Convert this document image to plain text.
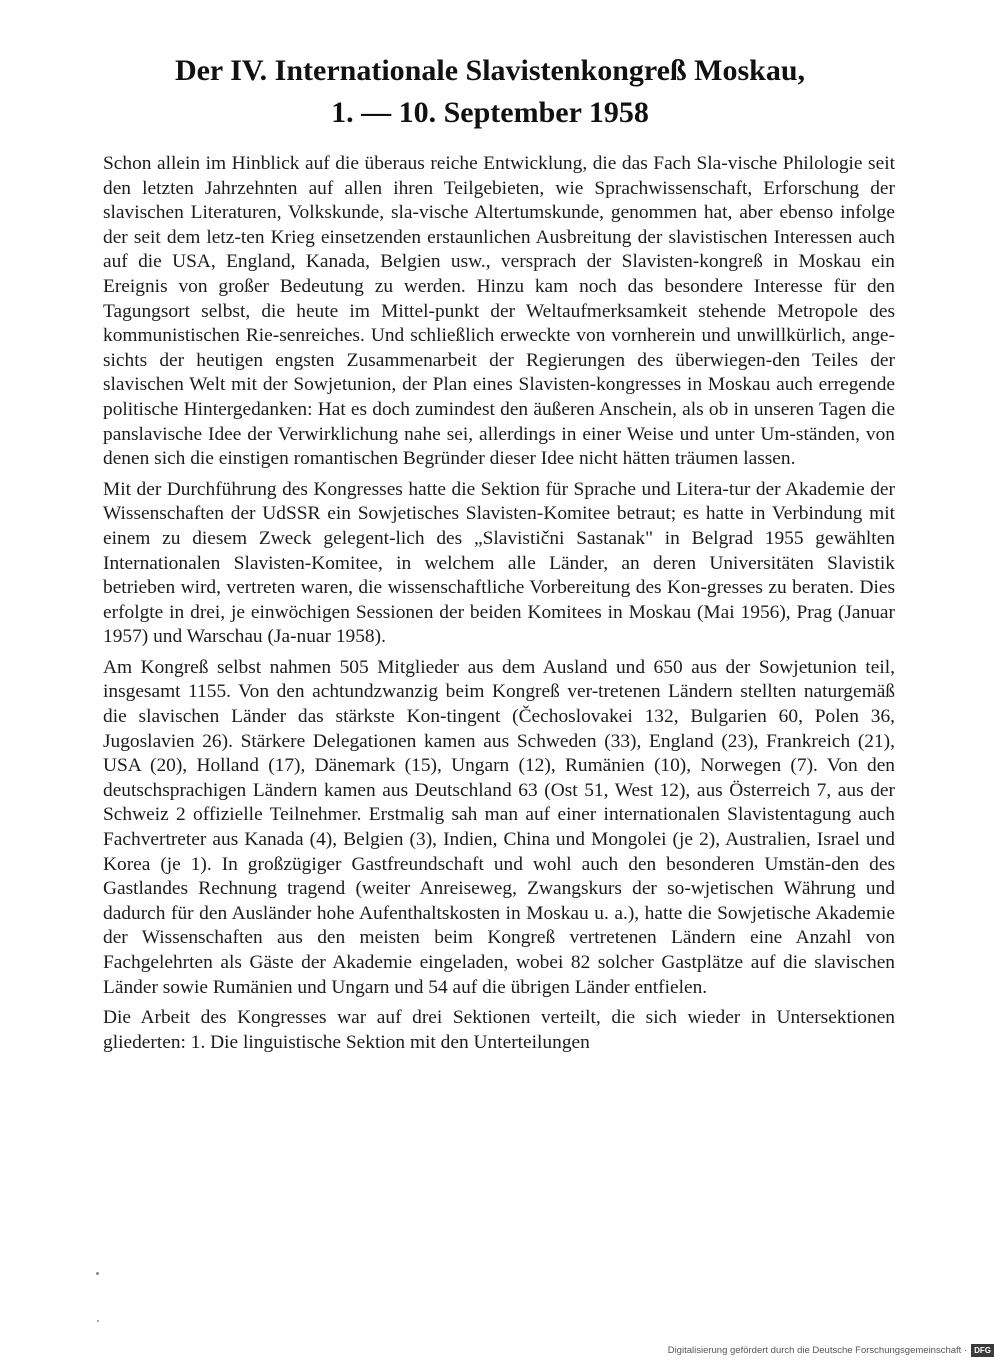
Der IV. Internationale Slavistenkongreß Moskau,
1. — 10. September 1958

Schon allein im Hinblick auf die überaus reiche Entwicklung, die das Fach Sla-vische Philologie seit den letzten Jahrzehnten auf allen ihren Teilgebieten, wie Sprachwissenschaft, Erforschung der slavischen Literaturen, Volkskunde, sla-vische Altertumskunde, genommen hat, aber ebenso infolge der seit dem letz-ten Krieg einsetzenden erstaunlichen Ausbreitung der slavistischen Interessen auch auf die USA, England, Kanada, Belgien usw., versprach der Slavisten-kongreß in Moskau ein Ereignis von großer Bedeutung zu werden. Hinzu kam noch das besondere Interesse für den Tagungsort selbst, die heute im Mittel-punkt der Weltaufmerksamkeit stehende Metropole des kommunistischen Rie-senreiches. Und schließlich erweckte von vornherein und unwillkürlich, ange-sichts der heutigen engsten Zusammenarbeit der Regierungen des überwiegen-den Teiles der slavischen Welt mit der Sowjetunion, der Plan eines Slavisten-kongresses in Moskau auch erregende politische Hintergedanken: Hat es doch zumindest den äußeren Anschein, als ob in unseren Tagen die panslavische Idee der Verwirklichung nahe sei, allerdings in einer Weise und unter Um-ständen, von denen sich die einstigen romantischen Begründer dieser Idee nicht hätten träumen lassen.

Mit der Durchführung des Kongresses hatte die Sektion für Sprache und Litera-tur der Akademie der Wissenschaften der UdSSR ein Sowjetisches Slavisten-Komitee betraut; es hatte in Verbindung mit einem zu diesem Zweck gelegent-lich des „Slavistični Sastanak" in Belgrad 1955 gewählten Internationalen Slavisten-Komitee, in welchem alle Länder, an deren Universitäten Slavistik betrieben wird, vertreten waren, die wissenschaftliche Vorbereitung des Kon-gresses zu beraten. Dies erfolgte in drei, je einwöchigen Sessionen der beiden Komitees in Moskau (Mai 1956), Prag (Januar 1957) und Warschau (Ja-nuar 1958).

Am Kongreß selbst nahmen 505 Mitglieder aus dem Ausland und 650 aus der Sowjetunion teil, insgesamt 1155. Von den achtundzwanzig beim Kongreß ver-tretenen Ländern stellten naturgemäß die slavischen Länder das stärkste Kon-tingent (Čechoslovakei 132, Bulgarien 60, Polen 36, Jugoslavien 26). Stärkere Delegationen kamen aus Schweden (33), England (23), Frankreich (21), USA (20), Holland (17), Dänemark (15), Ungarn (12), Rumänien (10), Norwegen (7). Von den deutschsprachigen Ländern kamen aus Deutschland 63 (Ost 51, West 12), aus Österreich 7, aus der Schweiz 2 offizielle Teilnehmer. Erstmalig sah man auf einer internationalen Slavistentagung auch Fachvertreter aus Kanada (4), Belgien (3), Indien, China und Mongolei (je 2), Australien, Israel und Korea (je 1). In großzügiger Gastfreundschaft und wohl auch den besonderen Umstän-den des Gastlandes Rechnung tragend (weiter Anreiseweg, Zwangskurs der so-wjetischen Währung und dadurch für den Ausländer hohe Aufenthaltskosten in Moskau u. a.), hatte die Sowjetische Akademie der Wissenschaften aus den meisten beim Kongreß vertretenen Ländern eine Anzahl von Fachgelehrten als Gäste der Akademie eingeladen, wobei 82 solcher Gastplätze auf die slavischen Länder sowie Rumänien und Ungarn und 54 auf die übrigen Länder entfielen.

Die Arbeit des Kongresses war auf drei Sektionen verteilt, die sich wieder in Untersektionen gliederten: 1. Die linguistische Sektion mit den Unterteilungen

Digitalisierung gefördert durch die Deutsche Forschungsgemeinschaft · DFG
